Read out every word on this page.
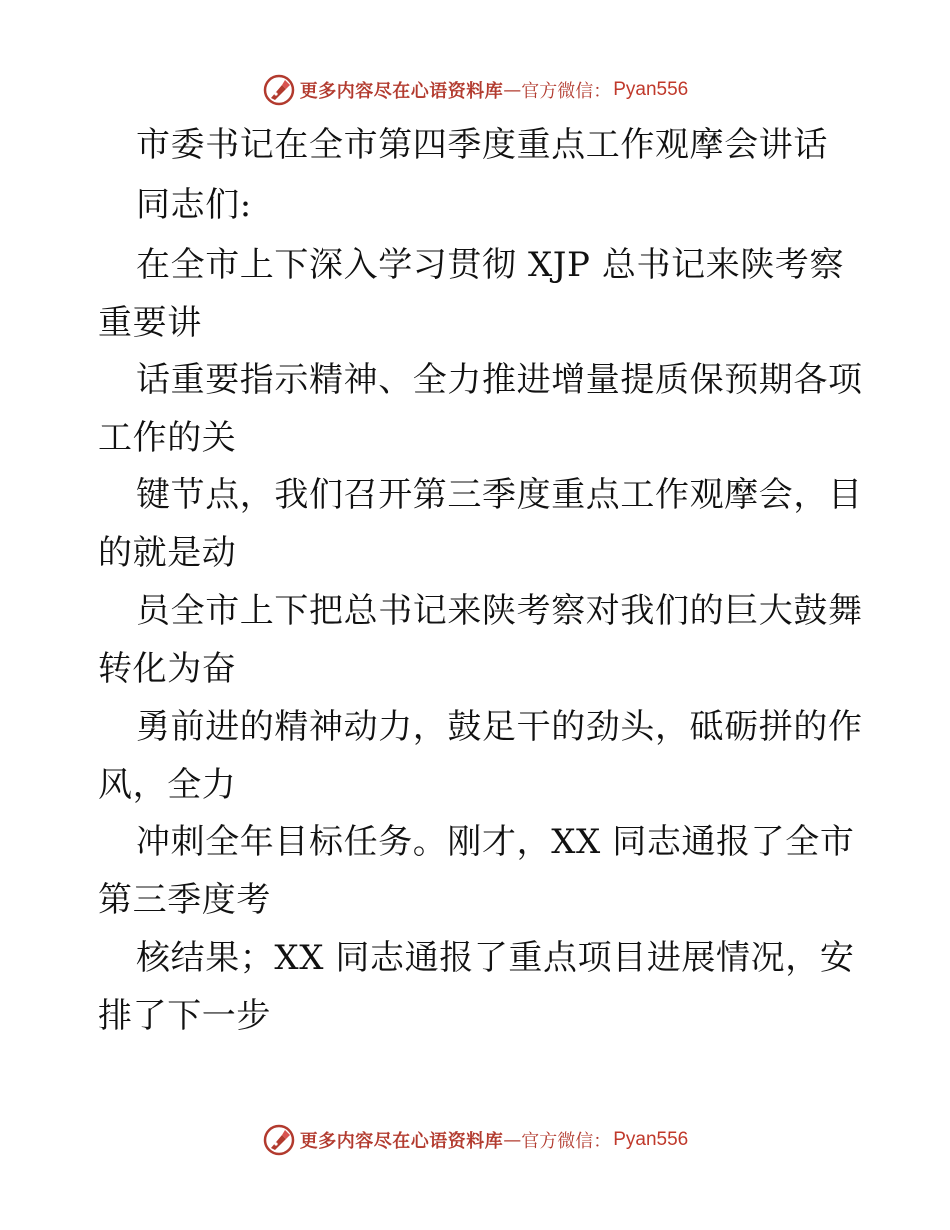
更多内容尽在心语资料库 — 官方微信： Pyan556
市委书记在全市第四季度重点工作观摩会讲话
同志们:
在全市上下深入学习贯彻 XJP 总书记来陕考察
重要讲
话重要指示精神、全力推进增量提质保预期各项
工作的关
键节点，我们召开第三季度重点工作观摩会，目
的就是动
员全市上下把总书记来陕考察对我们的巨大鼓舞
转化为奋
勇前进的精神动力，鼓足干的劲头，砥砺拼的作
风，全力
冲刺全年目标任务。刚才，XX 同志通报了全市
第三季度考
核结果；XX 同志通报了重点项目进展情况，安
排了下一步
更多内容尽在心语资料库 — 官方微信： Pyan556
